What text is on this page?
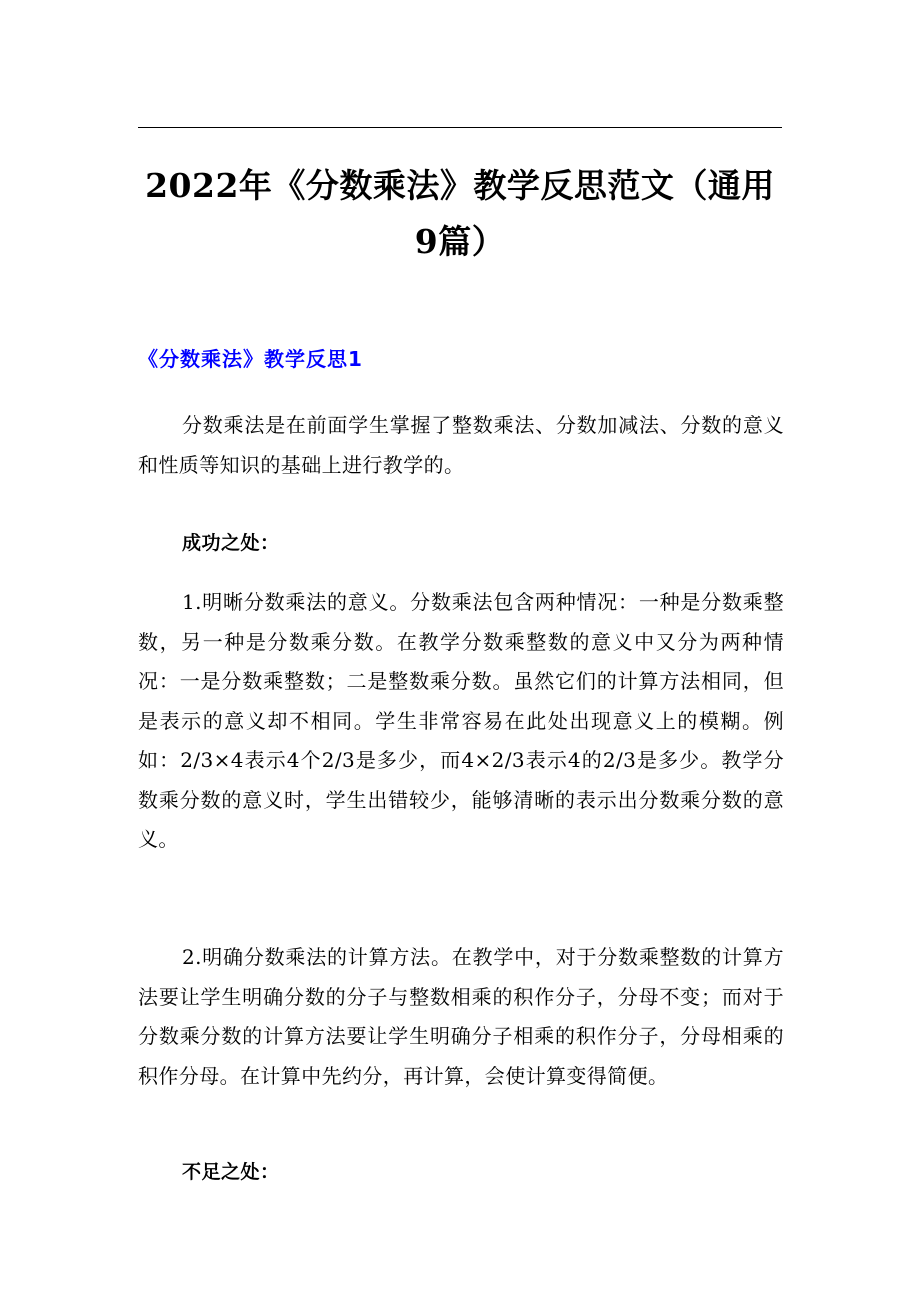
2022年《分数乘法》教学反思范文（通用9篇）
《分数乘法》教学反思1

分数乘法是在前面学生掌握了整数乘法、分数加减法、分数的意义和性质等知识的基础上进行教学的。

成功之处：

1.明晰分数乘法的意义。分数乘法包含两种情况：一种是分数乘整数，另一种是分数乘分数。在教学分数乘整数的意义中又分为两种情况：一是分数乘整数；二是整数乘分数。虽然它们的计算方法相同，但是表示的意义却不相同。学生非常容易在此处出现意义上的模糊。例如：2/3×4表示4个2/3是多少，而4×2/3表示4的2/3是多少。教学分数乘分数的意义时，学生出错较少，能够清晰的表示出分数乘分数的意义。

2.明确分数乘法的计算方法。在教学中，对于分数乘整数的计算方法要让学生明确分数的分子与整数相乘的积作分子，分母不变；而对于分数乘分数的计算方法要让学生明确分子相乘的积作分子，分母相乘的积作分母。在计算中先约分，再计算，会使计算变得简便。

不足之处：
